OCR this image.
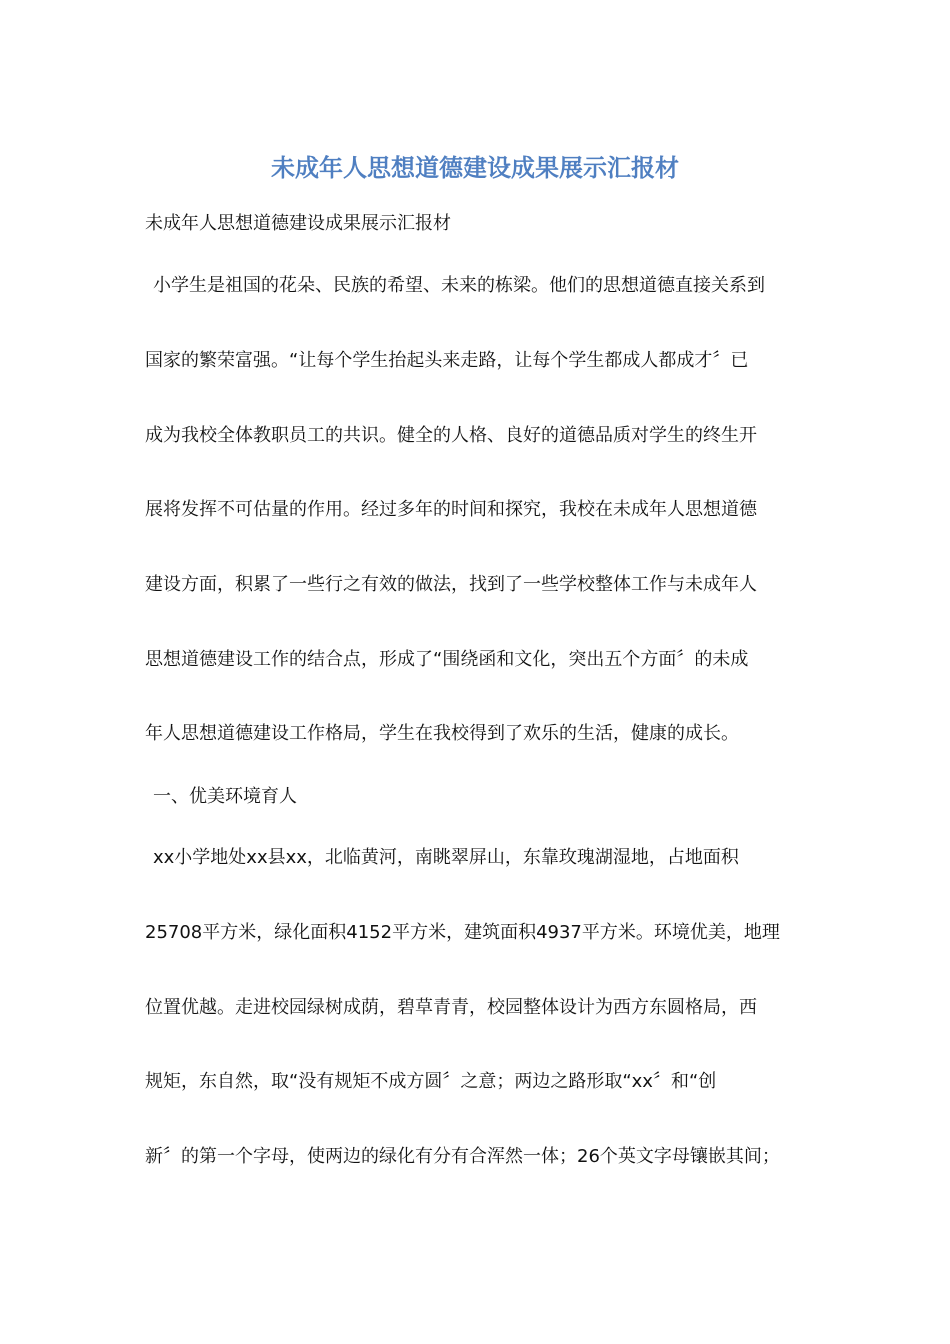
未成年人思想道德建设成果展示汇报材
未成年人思想道德建设成果展示汇报材
小学生是祖国的花朵、民族的希望、未来的栋梁。他们的思想道德直接关系到
国家的繁荣富强。“让每个学生抬起头来走路，让每个学生都成人都成才〞已
成为我校全体教职员工的共识。健全的人格、良好的道德品质对学生的终生开
展将发挥不可估量的作用。经过多年的时间和探究，我校在未成年人思想道德
建设方面，积累了一些行之有效的做法，找到了一些学校整体工作与未成年人
思想道德建设工作的结合点，形成了“围绕函和文化，突出五个方面〞的未成
年人思想道德建设工作格局，学生在我校得到了欢乐的生活，健康的成长。
一、优美环境育人
xx小学地处xx县xx，北临黄河，南眺翠屏山，东靠玫瑰湖湿地，占地面积
25708平方米，绿化面积4152平方米，建筑面积4937平方米。环境优美，地理
位置优越。走进校园绿树成荫，碧草青青，校园整体设计为西方东圆格局，西
规矩，东自然，取“没有规矩不成方圆〞之意；两边之路形取“xx〞和“创
新〞的第一个字母，使两边的绿化有分有合浑然一体；26个英文字母镶嵌其间；
